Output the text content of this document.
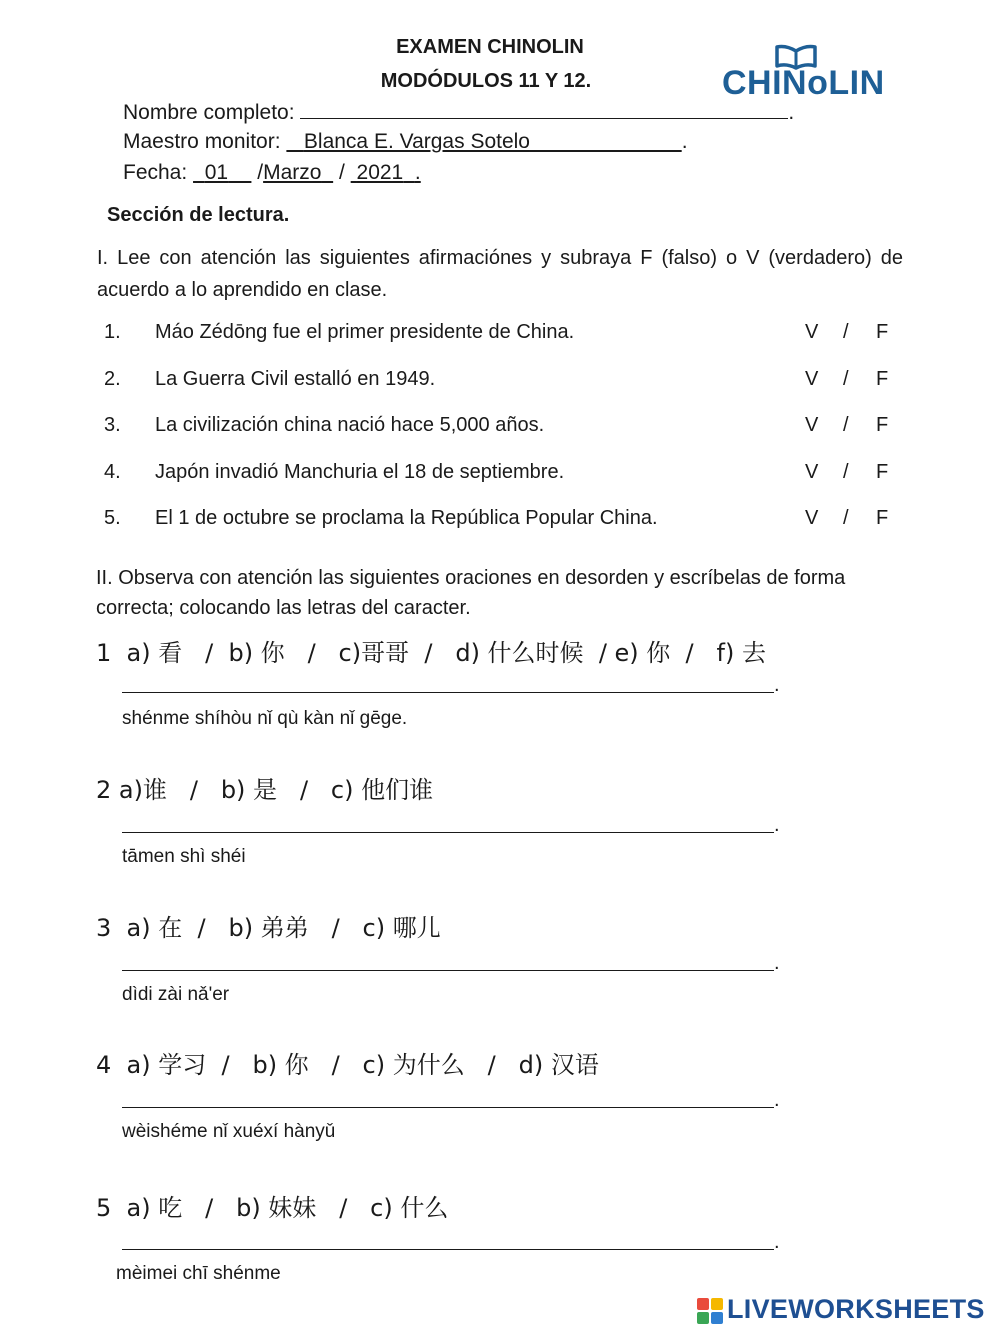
EXAMEN CHINOLIN
MODÓDULOS 11 Y 12.	CHINoLIN
Nombre completo:	.
Maestro monitor:    Blanca E. Vargas Sotelo	.
Fecha:   01 /Marzo / 2021 .
Sección de lectura.
I. Lee con atención las siguientes afirmaciónes y subraya F (falso) o V (verdadero) de acuerdo a lo aprendido en clase.
1. Máo Zédōng fue el primer presidente de China.	V / F
2. La Guerra Civil estalló en 1949.	V / F
3. La civilización china nació hace 5,000 años.	V / F
4. Japón invadió Manchuria el 18 de septiembre.	V / F
5. El 1 de octubre se proclama la República Popular China.	V / F
II. Observa con atención las siguientes oraciones en desorden y escríbelas de forma correcta; colocando las letras del caracter.
1  a) 看   /  b) 你   /   c)哥哥  /   d) 什么时候  / e) 你  /   f) 去
.
shénme shíhòu nǐ qù kàn nǐ gēge.
2 a)谁   /   b) 是   /   c) 他们谁
.
tāmen shì shéi
3  a) 在  /   b) 弟弟   /   c) 哪儿
.
dìdi zài nǎ'er
4  a) 学习  /   b) 你   /   c) 为什么   /   d) 汉语
.
wèishéme nǐ xuéxí hànyǔ
5  a) 吃   /   b) 妹妹   /   c) 什么
.
mèimei chī shénme
LIVEWORKSHEETS
